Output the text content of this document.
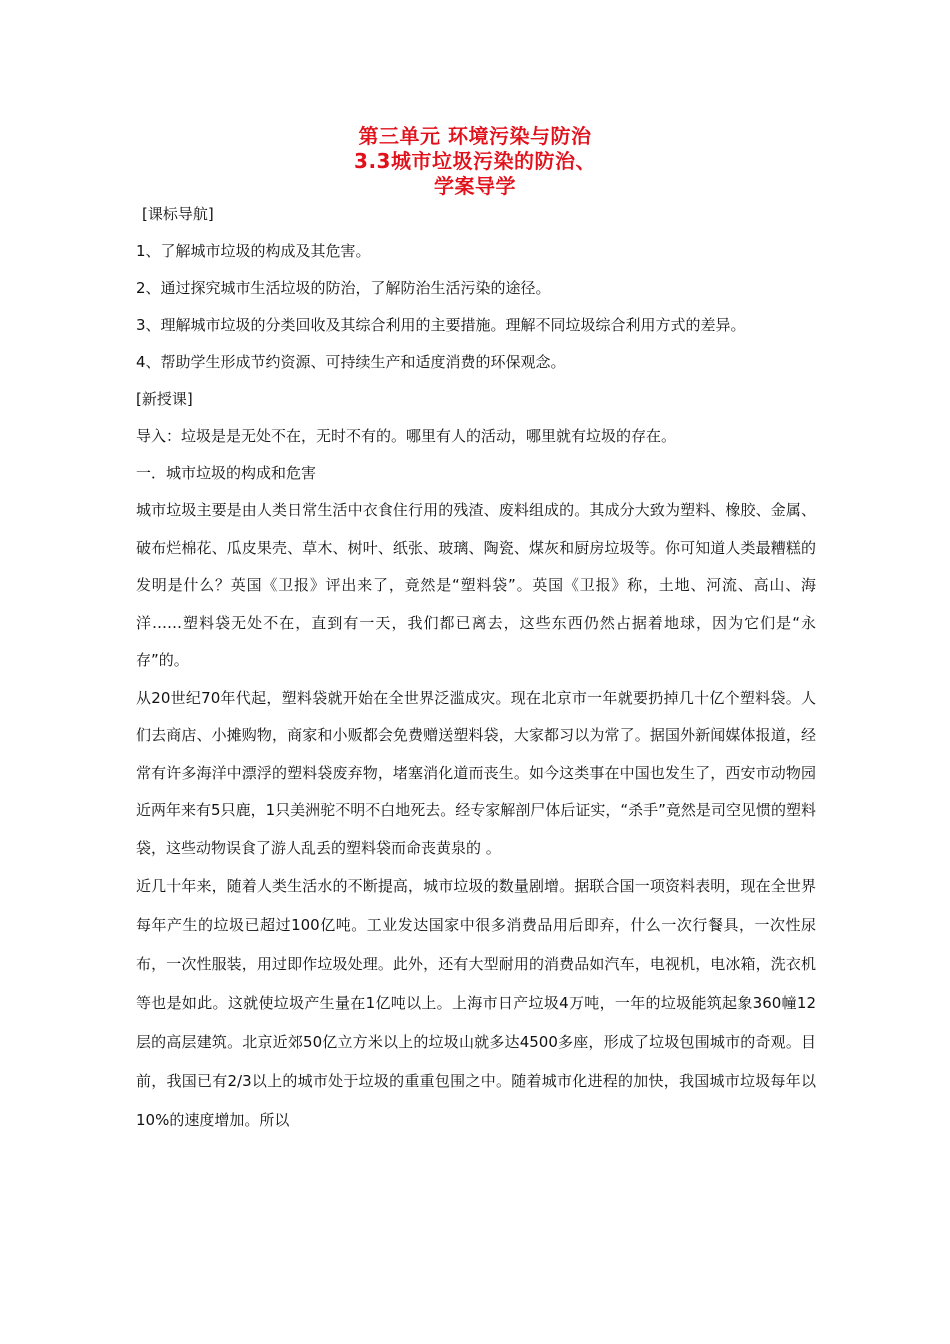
第三单元 环境污染与防治
3.3城市垃圾污染的防治、
学案导学
[课标导航]
1、了解城市垃圾的构成及其危害。
2、通过探究城市生活垃圾的防治，了解防治生活污染的途径。
3、理解城市垃圾的分类回收及其综合利用的主要措施。理解不同垃圾综合利用方式的差异。
4、帮助学生形成节约资源、可持续生产和适度消费的环保观念。
[新授课]
导入：垃圾是是无处不在，无时不有的。哪里有人的活动，哪里就有垃圾的存在。
一．城市垃圾的构成和危害
城市垃圾主要是由人类日常生活中衣食住行用的残渣、废料组成的。其成分大致为塑料、橡胶、金属、破布烂棉花、瓜皮果壳、草木、树叶、纸张、玻璃、陶瓷、煤灰和厨房垃圾等。你可知道人类最糟糕的发明是什么？英国《卫报》评出来了，竟然是“塑料袋”。英国《卫报》称，土地、河流、高山、海洋……塑料袋无处不在，直到有一天，我们都已离去，这些东西仍然占据着地球，因为它们是“永存”的。
从20世纪70年代起，塑料袋就开始在全世界泛滥成灾。现在北京市一年就要扔掉几十亿个塑料袋。人们去商店、小摊购物，商家和小贩都会免费赠送塑料袋，大家都习以为常了。据国外新闻媒体报道，经常有许多海洋中漂浮的塑料袋废弃物，堵塞消化道而丧生。如今这类事在中国也发生了，西安市动物园近两年来有5只鹿，1只美洲驼不明不白地死去。经专家解剖尸体后证实，“杀手”竟然是司空见惯的塑料袋，这些动物误食了游人乱丢的塑料袋而命丧黄泉的 。
近几十年来，随着人类生活水的不断提高，城市垃圾的数量剧增。据联合国一项资料表明，现在全世界每年产生的垃圾已超过100亿吨。工业发达国家中很多消费品用后即弃，什么一次行餐具，一次性尿布，一次性服装，用过即作垃圾处理。此外，还有大型耐用的消费品如汽车，电视机，电冰箱，洗衣机等也是如此。这就使垃圾产生量在1亿吨以上。上海市日产垃圾4万吨，一年的垃圾能筑起象360幢12层的高层建筑。北京近郊50亿立方米以上的垃圾山就多达4500多座，形成了垃圾包围城市的奇观。目前，我国已有2/3以上的城市处于垃圾的重重包围之中。随着城市化进程的加快，我国城市垃圾每年以10%的速度增加。所以
